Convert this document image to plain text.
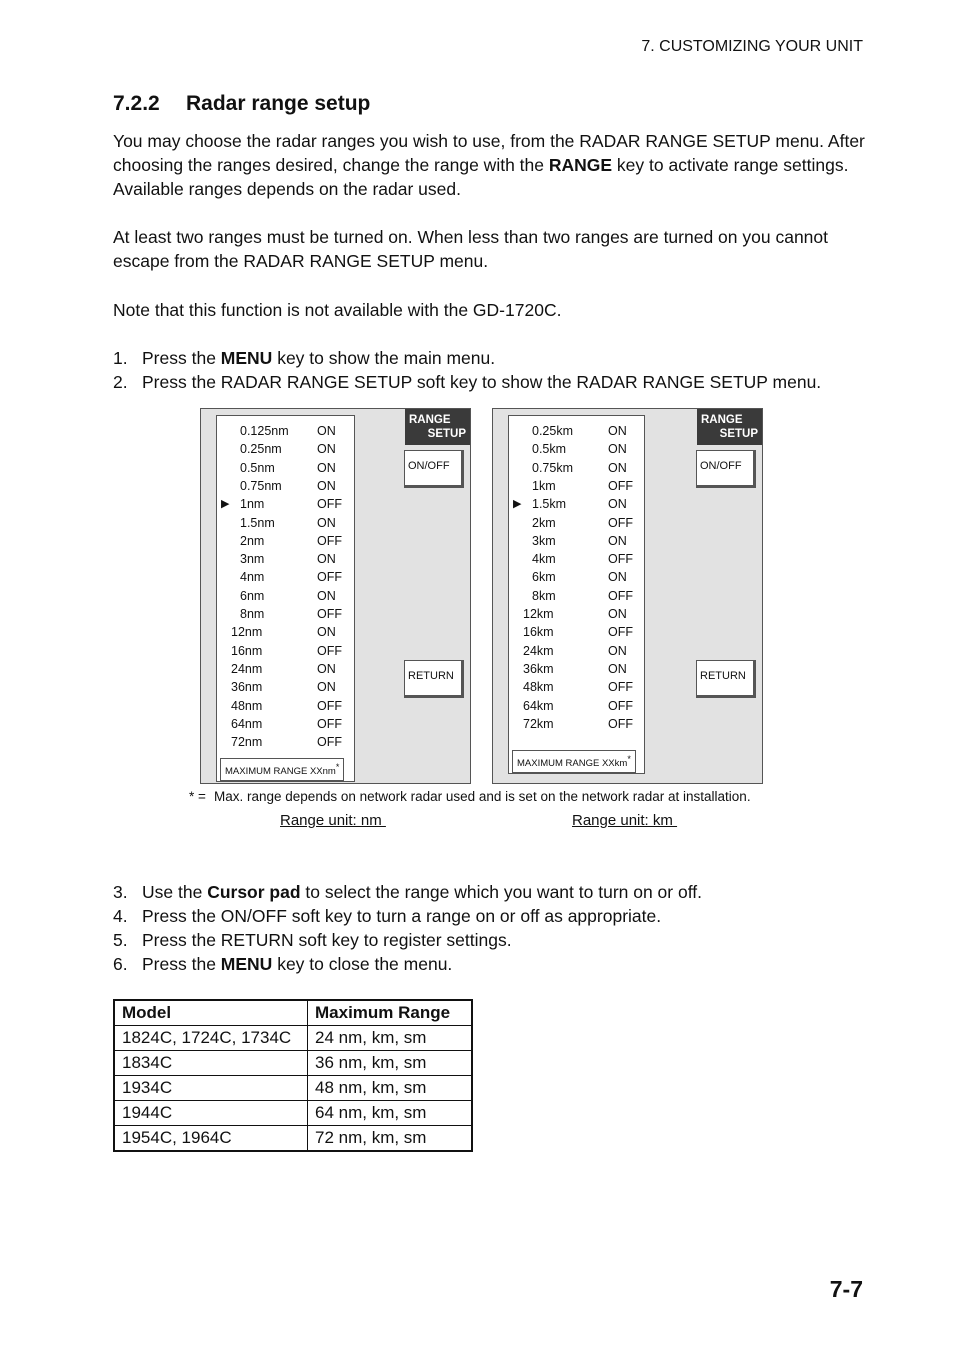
7. CUSTOMIZING YOUR UNIT
7.2.2 Radar range setup

You may choose the radar ranges you wish to use, from the RADAR RANGE SETUP menu. After choosing the ranges desired, change the range with the RANGE key to activate range settings. Available ranges depends on the radar used.

At least two ranges must be turned on. When less than two ranges are turned on you cannot escape from the RADAR RANGE SETUP menu.

Note that this function is not available with the GD-1720C.

1. Press the MENU key to show the main menu.
2. Press the RADAR RANGE SETUP soft key to show the RADAR RANGE SETUP menu.
0.125nm ON
0.25nm	ON
0.5nm	ON
0.75nm	ON
▶ 1nm	OFF
1.5nm	ON
2nm	OFF
3nm	ON
4nm	OFF
6nm	ON
8nm	OFF
12nm	ON
16nm	OFF
24nm	ON
36nm	ON
48nm	OFF
64nm	OFF
72nm	OFF
MAXIMUM RANGE XXnm*
RANGE
SETUP
ON/OFF
RETURN
0.25km	ON
0.5km	ON
0.75km	ON
1km	OFF
▶ 1.5km	ON
2km	OFF
3km	ON
4km	OFF
6km	ON
8km	OFF
12km	ON
16km	OFF
24km	ON
36km	ON
48km	OFF
64km	OFF
72km	OFF
MAXIMUM RANGE XXkm*
RANGE
SETUP
ON/OFF
RETURN
* = Max. range depends on network radar used and is set on the network radar at installation.
Range unit: nm	Range unit: km
3. Use the Cursor pad to select the range which you want to turn on or off.
4. Press the ON/OFF soft key to turn a range on or off as appropriate.
5. Press the RETURN soft key to register settings.
6. Press the MENU key to close the menu.
Model	Maximum Range
1824C, 1724C, 1734C	24 nm, km, sm
1834C	36 nm, km, sm
1934C	48 nm, km, sm
1944C	64 nm, km, sm
1954C, 1964C	72 nm, km, sm
7-7
